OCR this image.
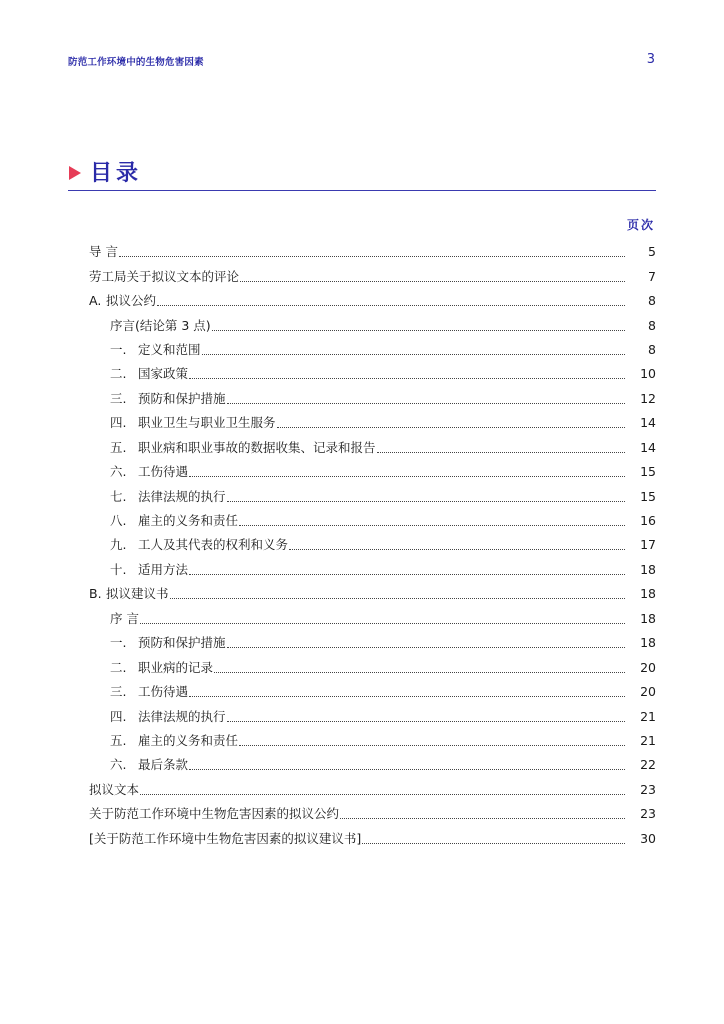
防范工作环境中的生物危害因素	3
目录
页次
导 言	5
劳工局关于拟议文本的评论	7
A. 拟议公约	8
序言(结论第 3 点)	8
一. 定义和范围	8
二. 国家政策	10
三. 预防和保护措施	12
四. 职业卫生与职业卫生服务	14
五. 职业病和职业事故的数据收集、记录和报告	14
六. 工伤待遇	15
七. 法律法规的执行	15
八. 雇主的义务和责任	16
九. 工人及其代表的权利和义务	17
十. 适用方法	18
B. 拟议建议书	18
序 言	18
一. 预防和保护措施	18
二. 职业病的记录	20
三. 工伤待遇	20
四. 法律法规的执行	21
五. 雇主的义务和责任	21
六. 最后条款	22
拟议文本	23
关于防范工作环境中生物危害因素的拟议公约	23
[关于防范工作环境中生物危害因素的拟议建议书]	30
